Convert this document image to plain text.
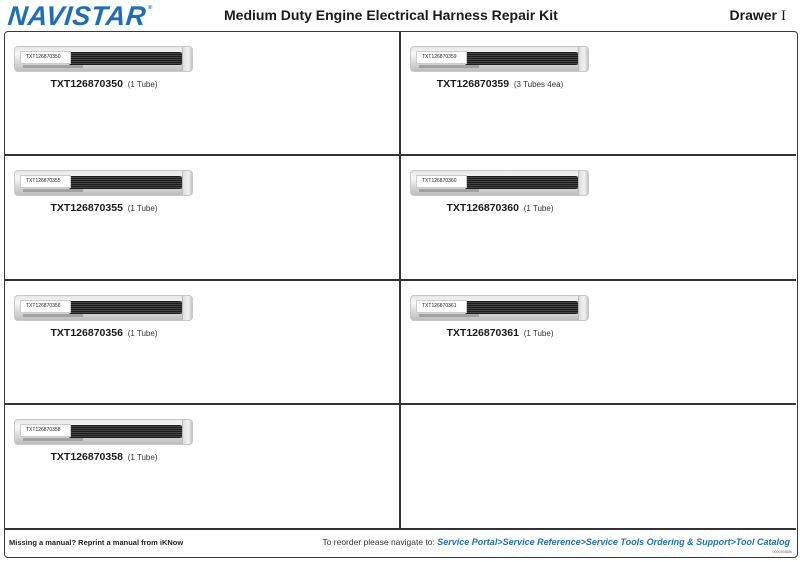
NAVISTAR®	Medium Duty Engine Electrical Harness Repair Kit	Drawer I
TXT126870350
TXT126870350 (1 Tube)
TXT126870359
TXT126870359 (3 Tubes 4ea)
TXT126870355
TXT126870355 (1 Tube)
TXT126870360
TXT126870360 (1 Tube)
TXT126870356
TXT126870356 (1 Tube)
TXT126870361
TXT126870361 (1 Tube)
TXT126870358
TXT126870358 (1 Tube)
Missing a manual? Reprint a manual from iKNow	To reorder please navigate to: Service Portal>Service Reference>Service Tools Ordering & Support>Tool Catalog
0000404886
